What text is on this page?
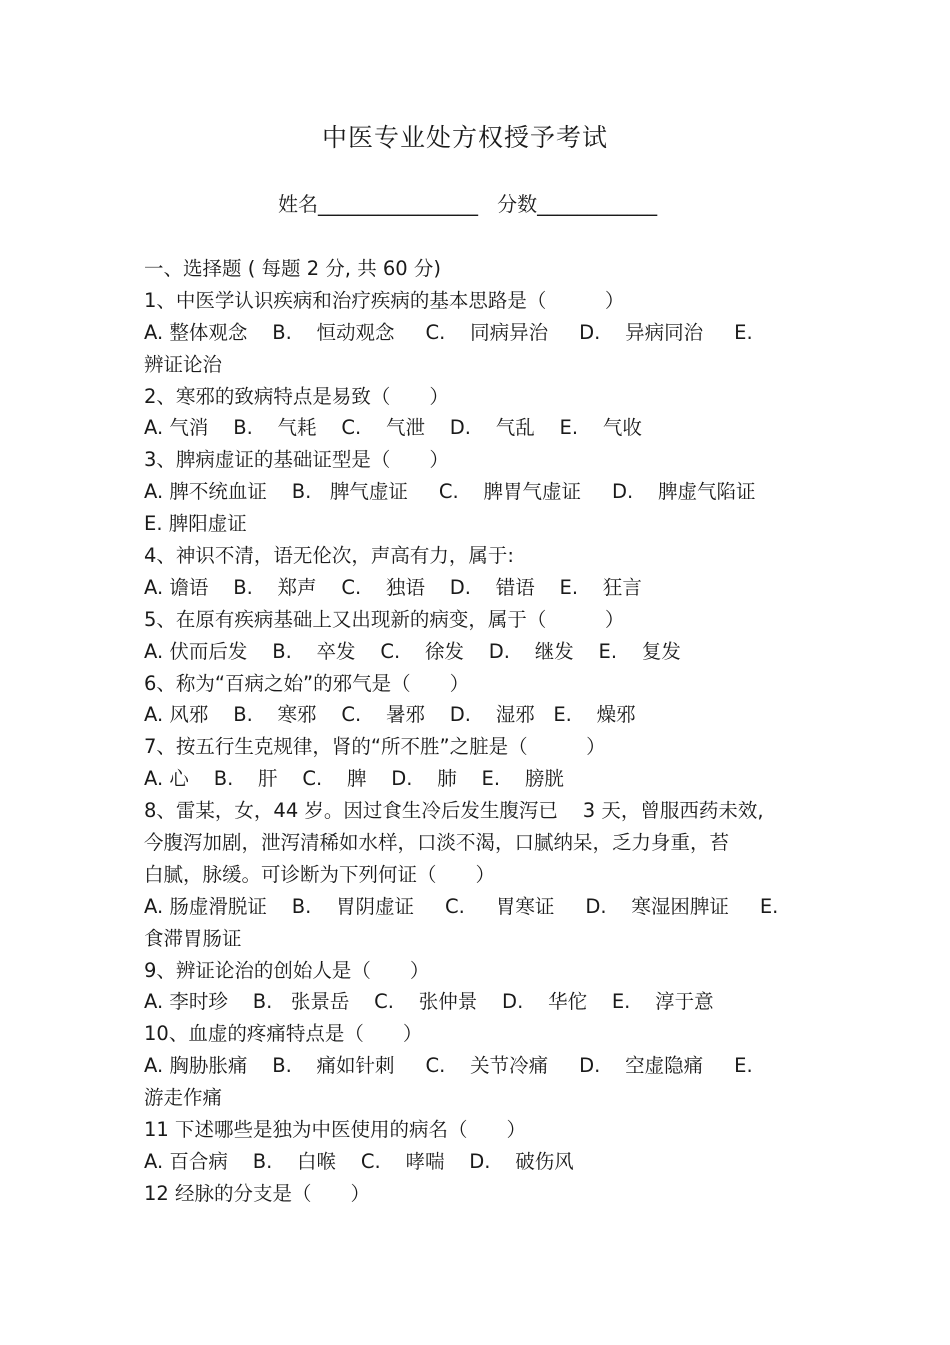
中医专业处方权授予考试
姓名________________ 分数____________
一、选择题 ( 每题 2 分, 共 60 分)
1、中医学认识疾病和治疗疾病的基本思路是（　　　）
A. 整体观念    B.    恒动观念     C.    同病异治     D.    异病同治     E.
辨证论治
2、寒邪的致病特点是易致（　　）
A. 气消    B.    气耗    C.    气泄    D.    气乱    E.    气收
3、脾病虚证的基础证型是（　　）
A. 脾不统血证    B.   脾气虚证     C.    脾胃气虚证     D.    脾虚气陷证
E. 脾阳虚证
4、神识不清，语无伦次，声高有力，属于:
A. 谵语    B.    郑声    C.    独语    D.    错语    E.    狂言
5、在原有疾病基础上又出现新的病变，属于（　　　）
A. 伏而后发    B.    卒发    C.    徐发    D.    继发    E.    复发
6、称为“百病之始”的邪气是（　　）
A. 风邪    B.    寒邪    C.    暑邪    D.    湿邪   E.    燥邪
7、按五行生克规律，肾的“所不胜”之脏是（　　　）
A. 心    B.    肝    C.    脾    D.    肺    E.    膀胱
8、雷某，女，44 岁。因过食生冷后发生腹泻已    3 天，曾服西药未效,
今腹泻加剧，泄泻清稀如水样，口淡不渴，口腻纳呆，乏力身重，苔
白腻，脉缓。可诊断为下列何证（　　）
A. 肠虚滑脱证    B.    胃阴虚证     C.     胃寒证     D.    寒湿困脾证     E.
食滞胃肠证
9、辨证论治的创始人是（　　）
A. 李时珍    B.   张景岳    C.    张仲景    D.    华佗    E.    淳于意
10、血虚的疼痛特点是（　　）
A. 胸胁胀痛    B.    痛如针刺     C.    关节冷痛     D.    空虚隐痛     E.
游走作痛
11 下述哪些是独为中医使用的病名（　　）
A. 百合病    B.    白喉    C.    哮喘    D.    破伤风
12 经脉的分支是（　　）
